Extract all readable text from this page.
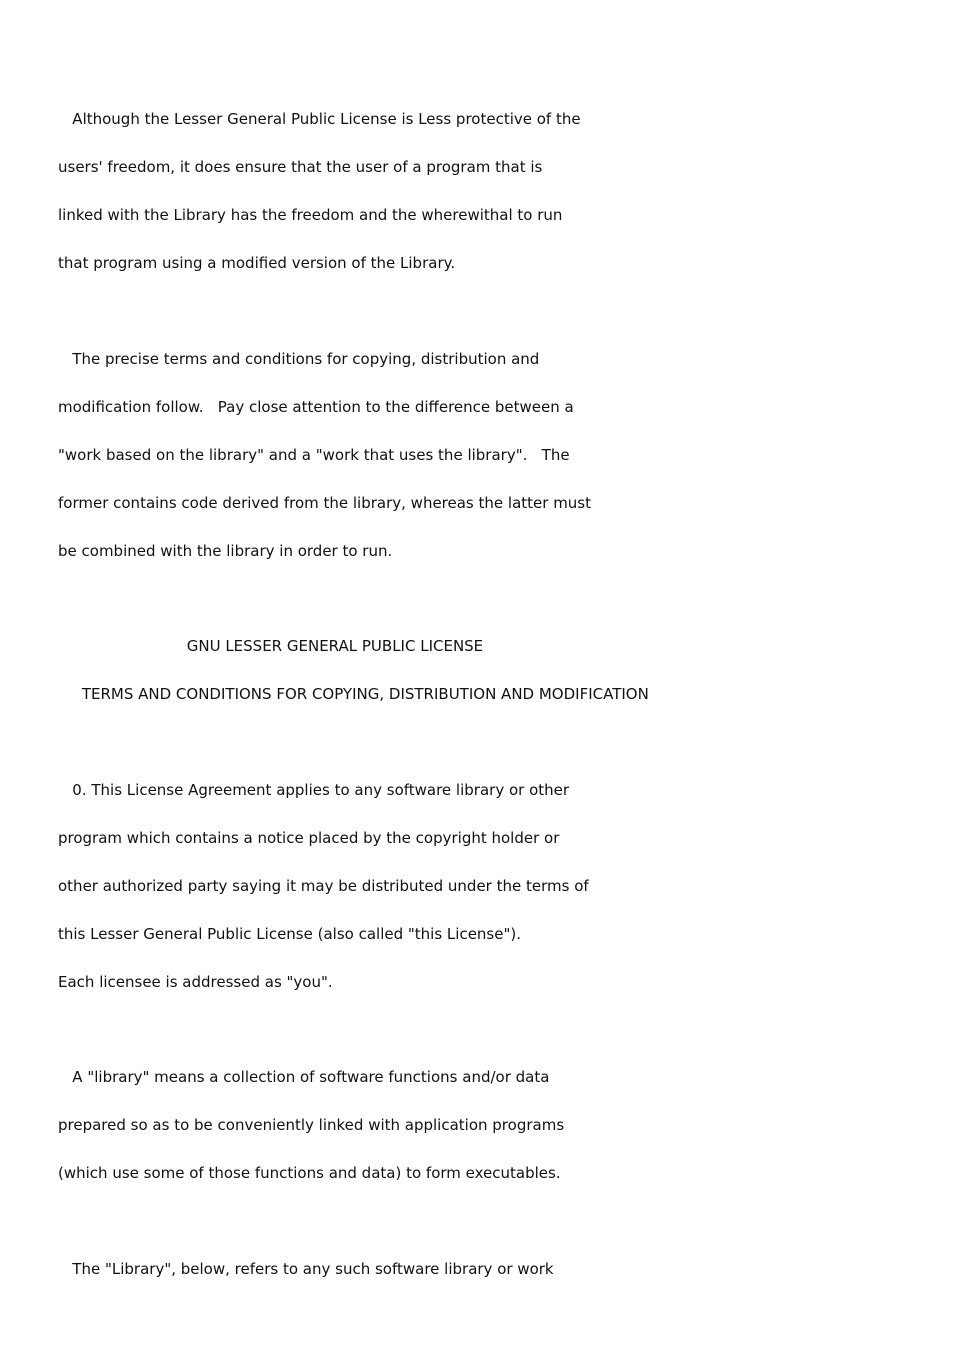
Although the Lesser General Public License is Less protective of the
users' freedom, it does ensure that the user of a program that is
linked with the Library has the freedom and the wherewithal to run
that program using a modified version of the Library.
The precise terms and conditions for copying, distribution and
modification follow.   Pay close attention to the difference between a
"work based on the library" and a "work that uses the library".   The
former contains code derived from the library, whereas the latter must
be combined with the library in order to run.
GNU LESSER GENERAL PUBLIC LICENSE
TERMS AND CONDITIONS FOR COPYING, DISTRIBUTION AND MODIFICATION
0. This License Agreement applies to any software library or other
program which contains a notice placed by the copyright holder or
other authorized party saying it may be distributed under the terms of
this Lesser General Public License (also called "this License").
Each licensee is addressed as "you".
A "library" means a collection of software functions and/or data
prepared so as to be conveniently linked with application programs
(which use some of those functions and data) to form executables.
The "Library", below, refers to any such software library or work
